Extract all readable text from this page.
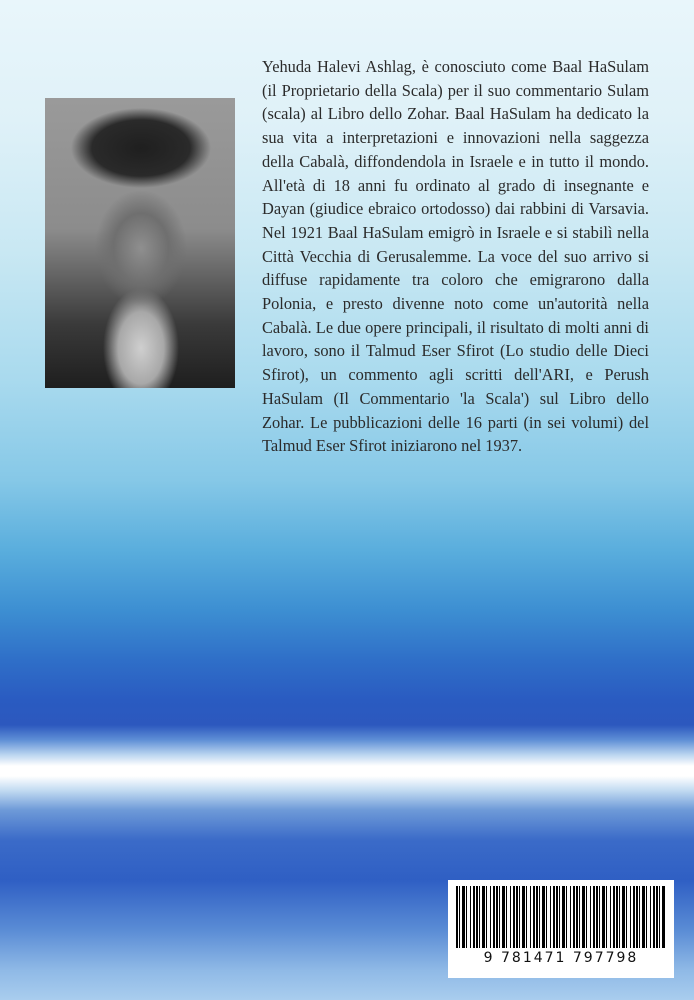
Yehuda Halevi Ashlag, è conosciuto come Baal HaSulam (il Proprietario della Scala) per il suo commentario Sulam (scala) al Libro dello Zohar. Baal HaSulam ha dedicato la sua vita a interpretazioni e innovazioni nella saggezza della Cabalà, diffondendola in Israele e in tutto il mondo. All'età di 18 anni fu ordinato al grado di insegnante e Dayan (giudice ebraico ortodosso) dai rabbini di Varsavia. Nel 1921 Baal HaSulam emigrò in Israele e si stabilì nella Città Vecchia di Gerusalemme. La voce del suo arrivo si diffuse rapidamente tra coloro che emigrarono dalla Polonia, e presto divenne noto come un'autorità nella Cabalà. Le due opere principali, il risultato di molti anni di lavoro, sono il Talmud Eser Sfirot (Lo studio delle Dieci Sfirot), un commento agli scritti dell'ARI, e Perush HaSulam (Il Commentario 'la Scala') sul Libro dello Zohar. Le pubblicazioni delle 16 parti (in sei volumi) del Talmud Eser Sfirot iniziarono nel 1937.

9 781471 797798
